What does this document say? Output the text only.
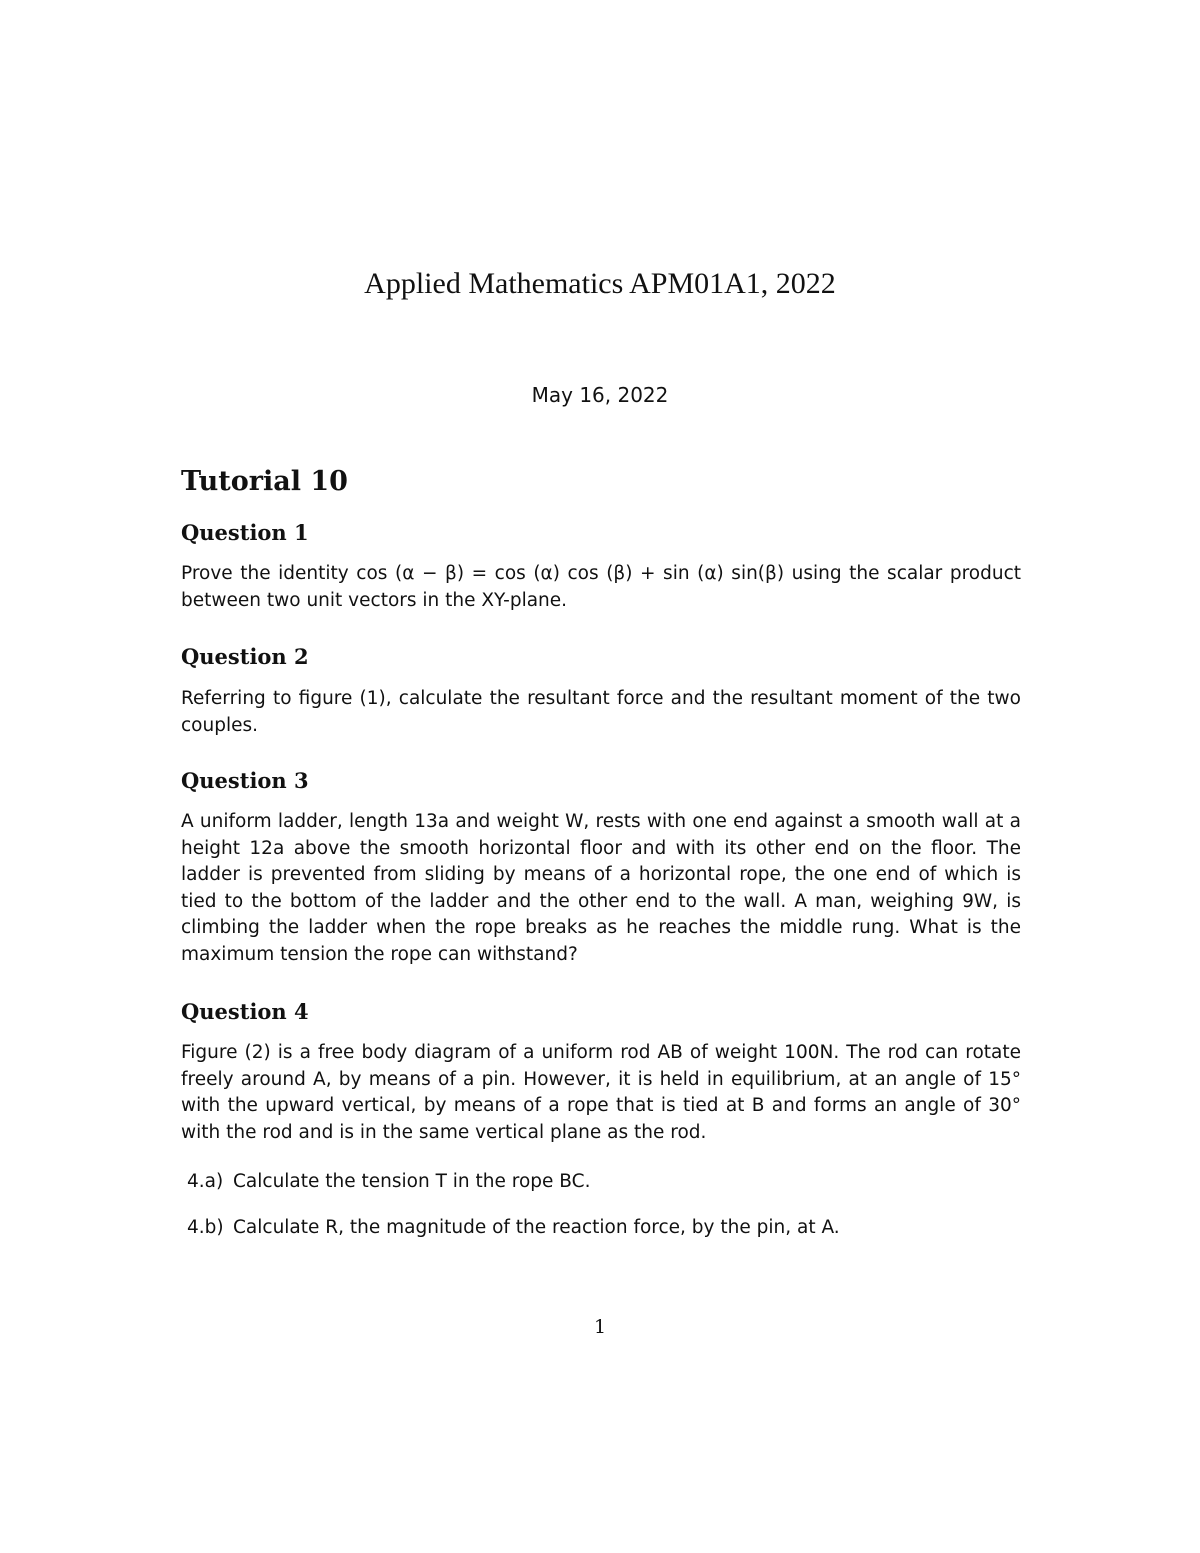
Applied Mathematics APM01A1, 2022
May 16, 2022
Tutorial 10
Question 1
Prove the identity cos (α − β) = cos (α) cos (β) + sin (α) sin(β) using the scalar product between two unit vectors in the XY-plane.
Question 2
Referring to figure (1), calculate the resultant force and the resultant moment of the two couples.
Question 3
A uniform ladder, length 13a and weight W, rests with one end against a smooth wall at a height 12a above the smooth horizontal floor and with its other end on the floor. The ladder is prevented from sliding by means of a horizontal rope, the one end of which is tied to the bottom of the ladder and the other end to the wall. A man, weighing 9W, is climbing the ladder when the rope breaks as he reaches the middle rung. What is the maximum tension the rope can withstand?
Question 4
Figure (2) is a free body diagram of a uniform rod AB of weight 100N. The rod can rotate freely around A, by means of a pin. However, it is held in equilibrium, at an angle of 15° with the upward vertical, by means of a rope that is tied at B and forms an angle of 30° with the rod and is in the same vertical plane as the rod.
4.a) Calculate the tension T in the rope BC.
4.b) Calculate R, the magnitude of the reaction force, by the pin, at A.
1
